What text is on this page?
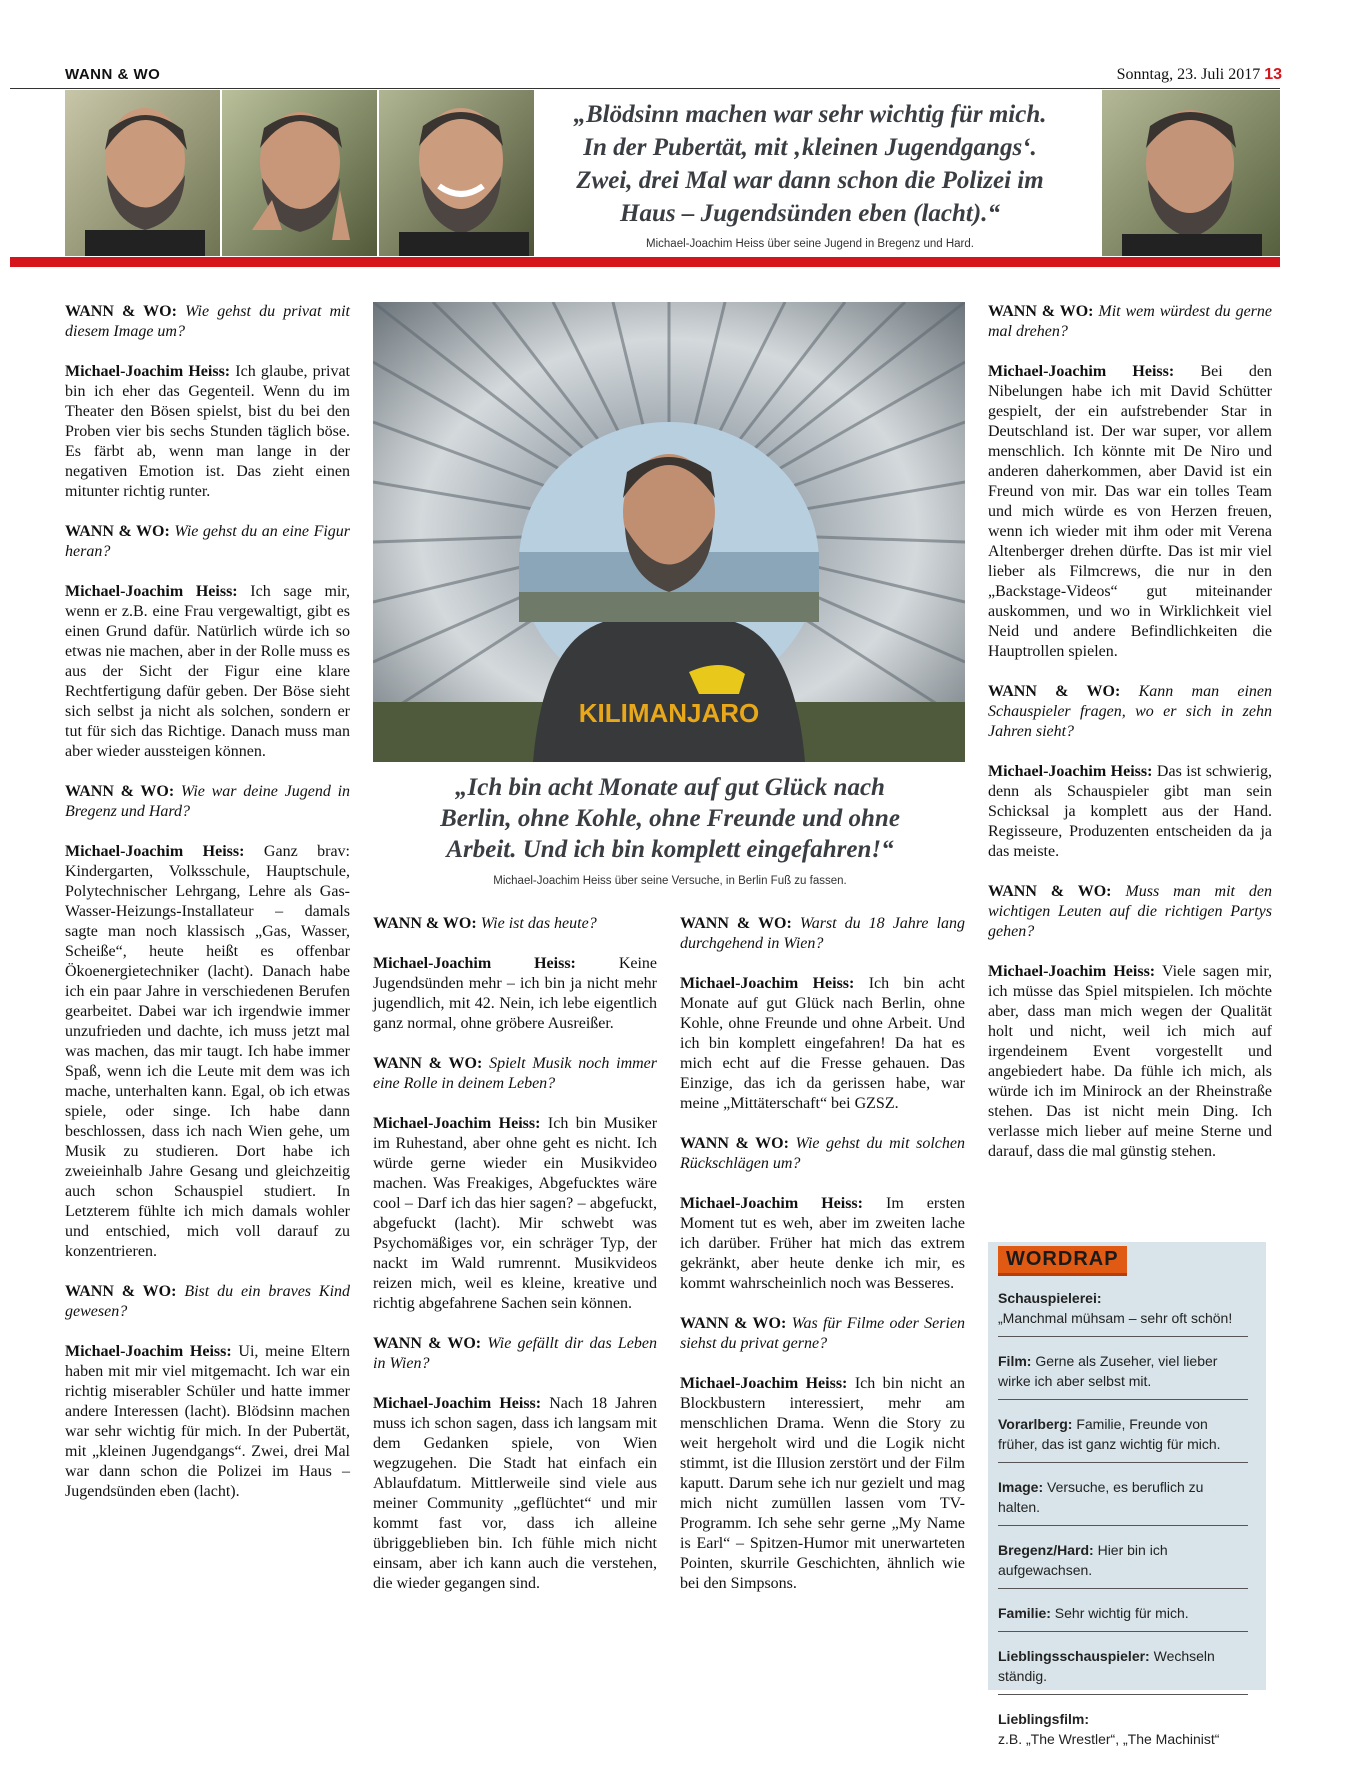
WANN & WO	Sonntag, 23. Juli 2017 13
„Blödsinn machen war sehr wichtig für mich.
In der Pubertät, mit ‚kleinen Jugendgangs‘.
Zwei, drei Mal war dann schon die Polizei im
Haus – Jugendsünden eben (lacht).“
Michael-Joachim Heiss über seine Jugend in Bregenz und Hard.
KILIMANJARO
„Ich bin acht Monate auf gut Glück nach
Berlin, ohne Kohle, ohne Freunde und ohne
Arbeit. Und ich bin komplett eingefahren!“
Michael-Joachim Heiss über seine Versuche, in Berlin Fuß zu fassen.

WANN & WO: Wie gehst du privat mit diesem Image um?

Michael-Joachim Heiss: Ich glaube, privat bin ich eher das Gegenteil. Wenn du im Theater den Bösen spielst, bist du bei den Proben vier bis sechs Stunden täglich böse. Es färbt ab, wenn man lange in der negativen Emotion ist. Das zieht einen mitunter richtig runter.

WANN & WO: Wie gehst du an eine Figur heran?

Michael-Joachim Heiss: Ich sage mir, wenn er z.B. eine Frau vergewaltigt, gibt es einen Grund dafür. Natürlich würde ich so etwas nie machen, aber in der Rolle muss es aus der Sicht der Figur eine klare Rechtfertigung dafür geben. Der Böse sieht sich selbst ja nicht als solchen, sondern er tut für sich das Richtige. Danach muss man aber wieder aussteigen können.

WANN & WO: Wie war deine Jugend in Bregenz und Hard?

Michael-Joachim Heiss: Ganz brav: Kindergarten, Volksschule, Hauptschule, Polytechnischer Lehrgang, Lehre als Gas-Wasser-Heizungs-Installateur – damals sagte man noch klassisch „Gas, Wasser, Scheiße“, heute heißt es offenbar Ökoenergietechniker (lacht). Danach habe ich ein paar Jahre in verschiedenen Berufen gearbeitet. Dabei war ich irgendwie immer unzufrieden und dachte, ich muss jetzt mal was machen, das mir taugt. Ich habe immer Spaß, wenn ich die Leute mit dem was ich mache, unterhalten kann. Egal, ob ich etwas spiele, oder singe. Ich habe dann beschlossen, dass ich nach Wien gehe, um Musik zu studieren. Dort habe ich zweieinhalb Jahre Gesang und gleichzeitig auch schon Schauspiel studiert. In Letzterem fühlte ich mich damals wohler und entschied, mich voll darauf zu konzentrieren.

WANN & WO: Bist du ein braves Kind gewesen?

Michael-Joachim Heiss: Ui, meine Eltern haben mit mir viel mitgemacht. Ich war ein richtig miserabler Schüler und hatte immer andere Interessen (lacht). Blödsinn machen war sehr wichtig für mich. In der Pubertät, mit „kleinen Jugendgangs“. Zwei, drei Mal war dann schon die Polizei im Haus – Jugendsünden eben (lacht).

WANN & WO: Wie ist das heute?

Michael-Joachim Heiss:	Keine Jugendsünden mehr – ich bin ja nicht mehr jugendlich, mit 42. Nein, ich lebe eigentlich ganz normal, ohne gröbere Ausreißer.

WANN & WO: Spielt Musik noch immer eine Rolle in deinem Leben?

Michael-Joachim Heiss: Ich bin Musiker im Ruhestand, aber ohne geht es nicht. Ich würde gerne wieder ein Musikvideo machen. Was Freakiges, Abgefucktes wäre cool – Darf ich das hier sagen? – abgefuckt, abgefuckt (lacht). Mir schwebt was Psychomäßiges vor, ein schräger Typ, der nackt im Wald rumrennt. Musikvideos reizen mich, weil es kleine, kreative und richtig abgefahrene Sachen sein können.

WANN & WO: Wie gefällt dir das Leben in Wien?

Michael-Joachim Heiss: Nach 18 Jahren muss ich schon sagen, dass ich langsam mit dem Gedanken spiele, von Wien wegzugehen. Die Stadt hat einfach ein Ablaufdatum. Mittlerweile sind viele aus meiner Community „geflüchtet“ und mir kommt fast vor, dass ich alleine übriggeblieben bin. Ich fühle mich nicht einsam, aber ich kann auch die verstehen, die wieder gegangen sind.

WANN & WO: Warst du 18 Jahre lang durchgehend in Wien?

Michael-Joachim Heiss: Ich bin acht Monate auf gut Glück nach Berlin, ohne Kohle, ohne Freunde und ohne Arbeit. Und ich bin komplett eingefahren! Da hat es mich echt auf die Fresse gehauen. Das Einzige, das ich da gerissen habe, war meine „Mittäterschaft“ bei GZSZ.

WANN & WO: Wie gehst du mit solchen Rückschlägen um?

Michael-Joachim Heiss: Im ersten Moment tut es weh, aber im zweiten lache ich darüber. Früher hat mich das extrem gekränkt, aber heute denke ich mir, es kommt wahrscheinlich noch was Besseres.

WANN & WO: Was für Filme oder Serien siehst du privat gerne?

Michael-Joachim Heiss: Ich bin nicht an Blockbustern interessiert, mehr am menschlichen Drama. Wenn die Story zu weit hergeholt wird und die Logik nicht stimmt, ist die Illusion zerstört und der Film kaputt. Darum sehe ich nur gezielt und mag mich nicht zumüllen lassen vom TV-Programm. Ich sehe sehr gerne „My Name is Earl“ – Spitzen-Humor mit unerwarteten Pointen, skurrile Geschichten, ähnlich wie bei den Simpsons.

WANN & WO: Mit wem würdest du gerne mal drehen?

Michael-Joachim Heiss: Bei den Nibelungen habe ich mit David Schütter gespielt, der ein aufstrebender Star in Deutschland ist. Der war super, vor allem menschlich. Ich könnte mit De Niro und anderen daherkommen, aber David ist ein Freund von mir. Das war ein tolles Team und mich würde es von Herzen freuen, wenn ich wieder mit ihm oder mit Verena Altenberger drehen dürfte. Das ist mir viel lieber als Filmcrews, die nur in den „Backstage-Videos“ gut miteinander auskommen, und wo in Wirklichkeit viel Neid und andere Befindlichkeiten die Hauptrollen spielen.

WANN & WO: Kann man einen Schauspieler fragen, wo er sich in zehn Jahren sieht?

Michael-Joachim Heiss: Das ist schwierig, denn als Schauspieler gibt man sein Schicksal ja komplett aus der Hand. Regisseure, Produzenten entscheiden da ja das meiste.

WANN & WO: Muss man mit den wichtigen Leuten auf die richtigen Partys gehen?

Michael-Joachim Heiss: Viele sagen mir, ich müsse das Spiel mitspielen. Ich möchte aber, dass man mich wegen der Qualität holt und nicht, weil ich mich auf irgendeinem Event vorgestellt und angebiedert habe. Da fühle ich mich, als würde ich im Minirock an der Rheinstraße stehen. Das ist nicht mein Ding. Ich verlasse mich lieber auf meine Sterne und darauf, dass die mal günstig stehen.

WORDRAP
Schauspielerei:
„Manchmal mühsam – sehr oft schön!
Film: Gerne als Zuseher, viel lieber wirke ich aber selbst mit.
Vorarlberg: Familie, Freunde von früher, das ist ganz wichtig für mich.
Image: Versuche, es beruflich zu halten.
Bregenz/Hard: Hier bin ich aufgewachsen.
Familie: Sehr wichtig für mich.
Lieblingsschauspieler: Wechseln ständig.
Lieblingsfilm:
z.B. „The Wrestler“, „The Machinist“
